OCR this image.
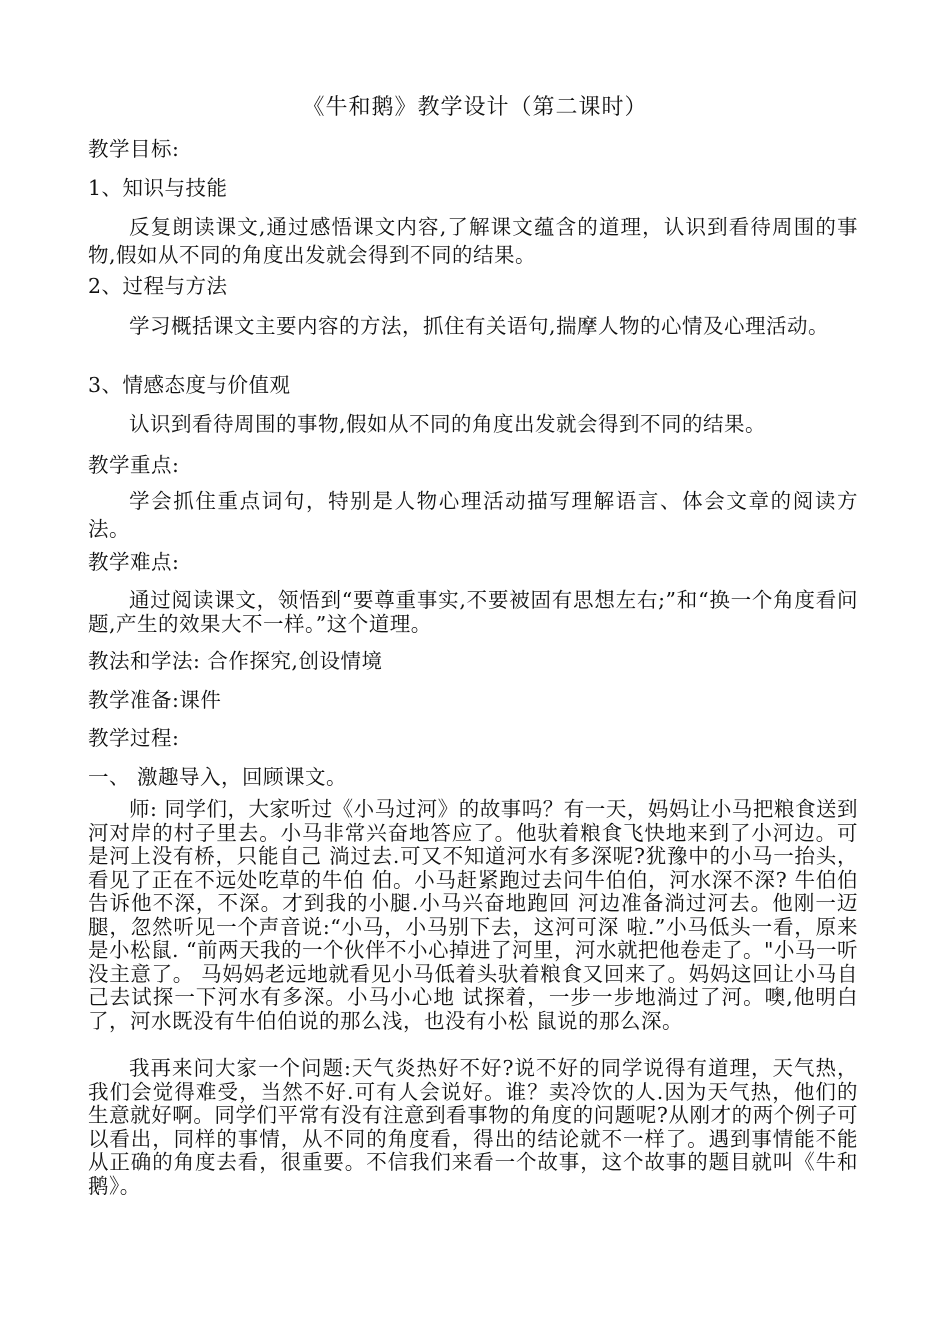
《牛和鹅》教学设计（第二课时）
教学目标:
1、知识与技能
反复朗读课文,通过感悟课文内容,了解课文蕴含的道理，认识到看待周围的事物,假如从不同的角度出发就会得到不同的结果。
2、过程与方法
学习概括课文主要内容的方法，抓住有关语句,揣摩人物的心情及心理活动。
3、情感态度与价值观
认识到看待周围的事物,假如从不同的角度出发就会得到不同的结果。
教学重点:
学会抓住重点词句，特别是人物心理活动描写理解语言、体会文章的阅读方法。
教学难点:
通过阅读课文，领悟到“要尊重事实,不要被固有思想左右;”和“换一个角度看问题,产生的效果大不一样。”这个道理。
教法和学法: 合作探究,创设情境
教学准备:课件
教学过程:
一、 激趣导入，回顾课文。
师: 同学们，大家听过《小马过河》的故事吗？有一天，妈妈让小马把粮食送到河对岸的村子里去。小马非常兴奋地答应了。他驮着粮食飞快地来到了小河边。可是河上没有桥，只能自己 淌过去.可又不知道河水有多深呢?犹豫中的小马一抬头，看见了正在不远处吃草的牛伯 伯。小马赶紧跑过去问牛伯伯，河水深不深? 牛伯伯 告诉他不深，不深。才到我的小腿.小马兴奋地跑回 河边准备淌过河去。他刚一迈腿，忽然听见一个声音说:“小马，小马别下去，这河可深 啦.”小马低头一看，原来是小松鼠. “前两天我的一个伙伴不小心掉进了河里，河水就把他卷走了。"小马一听没主意了。 马妈妈老远地就看见小马低着头驮着粮食又回来了。妈妈这回让小马自己去试探一下河水有多深。小马小心地 试探着，一步一步地淌过了河。噢,他明白了，河水既没有牛伯伯说的那么浅，也没有小松 鼠说的那么深。
我再来问大家一个问题:天气炎热好不好?说不好的同学说得有道理，天气热，我们会觉得难受，当然不好.可有人会说好。谁？卖冷饮的人.因为天气热，他们的生意就好啊。同学们平常有没有注意到看事物的角度的问题呢?从刚才的两个例子可以看出，同样的事情，从不同的角度看，得出的结论就不一样了。遇到事情能不能从正确的角度去看，很重要。不信我们来看一个故事，这个故事的题目就叫《牛和鹅》。
